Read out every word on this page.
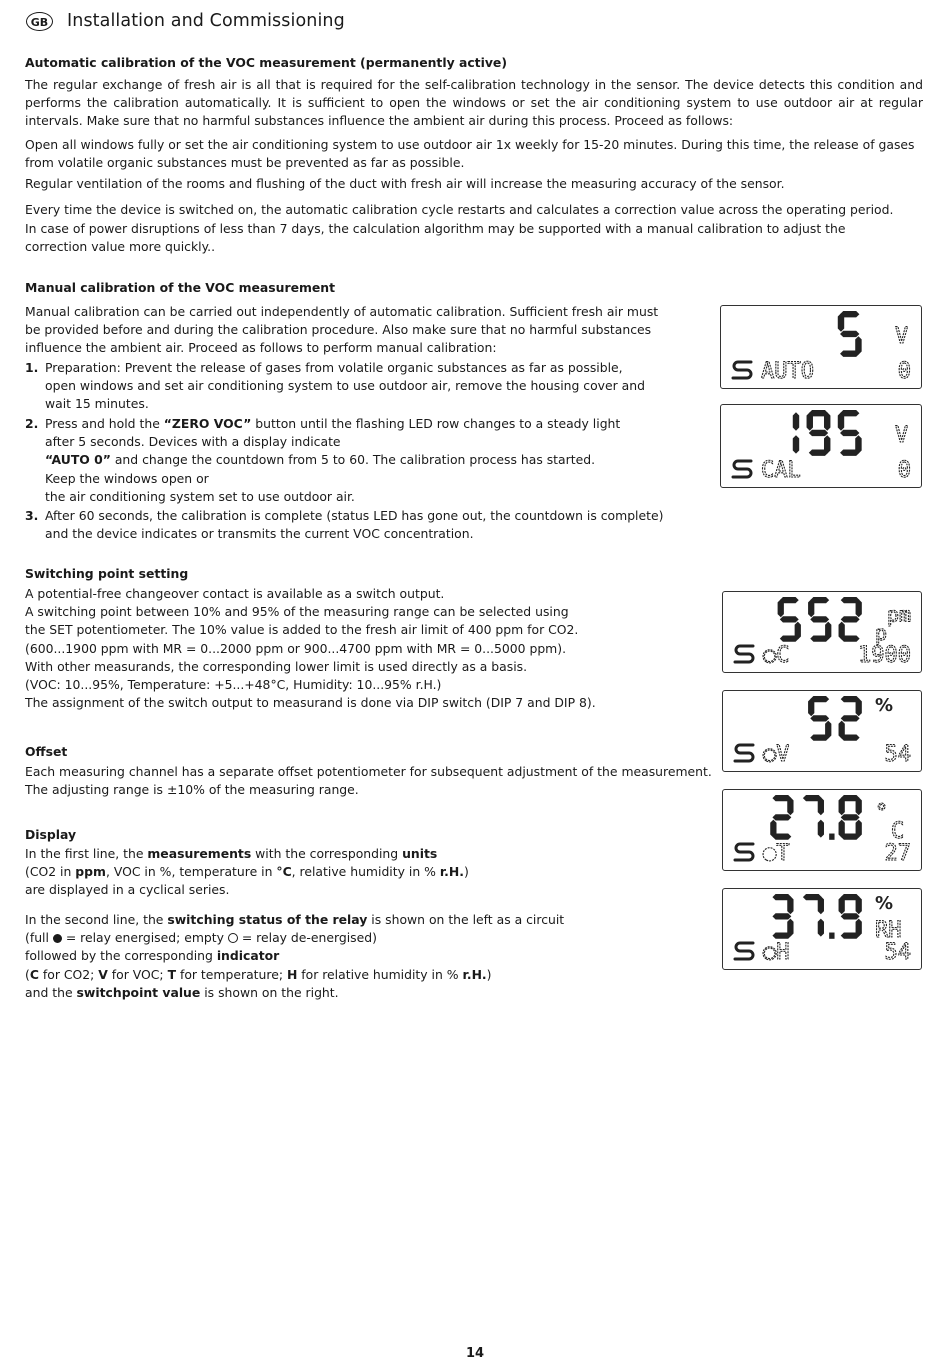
GB Installation and Commissioning
Automatic calibration of the VOC measurement (permanently active)
The regular exchange of fresh air is all that is required for the self-calibration technology in the sensor. The device detects this condition and performs the calibration automatically. It is sufficient to open the windows or set the air conditioning system to use outdoor air at regular intervals. Make sure that no harmful substances influence the ambient air during this process. Proceed as follows:
Open all windows fully or set the air conditioning system to use outdoor air 1x weekly for 15-20 minutes. During this time, the release of gases from volatile organic substances must be prevented as far as possible.
Regular ventilation of the rooms and flushing of the duct with fresh air will increase the measuring accuracy of the sensor.
Every time the device is switched on, the automatic calibration cycle restarts and calculates a correction value across the operating period.
In case of power disruptions of less than 7 days, the calculation algorithm may be supported with a manual calibration to adjust the correction value more quickly..
Manual calibration of the VOC measurement
Manual calibration can be carried out independently of automatic calibration. Sufficient fresh air must be provided before and during the calibration procedure. Also make sure that no harmful substances influence the ambient air. Proceed as follows to perform manual calibration:
1. Preparation: Prevent the release of gases from volatile organic substances as far as possible, open windows and set air conditioning system to use outdoor air, remove the housing cover and wait 15 minutes.
2. Press and hold the “ZERO VOC” button until the flashing LED row changes to a steady light after 5 seconds. Devices with a display indicate
“AUTO 0” and change the countdown from 5 to 60. The calibration process has started.
Keep the windows open or
the air conditioning system set to use outdoor air.
3. After 60 seconds, the calibration is complete (status LED has gone out, the countdown is complete) and the device indicates or transmits the current VOC concentration.
Switching point setting
A potential-free changeover contact is available as a switch output.
A switching point between 10% and 95% of the measuring range can be selected using
the SET potentiometer. The 10% value is added to the fresh air limit of 400 ppm for CO2.
(600...1900 ppm with MR = 0...2000 ppm or 900...4700 ppm with MR = 0...5000 ppm).
With other measurands, the corresponding lower limit is used directly as a basis.
(VOC: 10...95%, Temperature: +5...+48°C, Humidity: 10...95% r.H.)
The assignment of the switch output to measurand is done via DIP switch (DIP 7 and DIP 8).
Offset
Each measuring channel has a separate offset potentiometer for subsequent adjustment of the measurement.
The adjusting range is ±10% of the measuring range.
Display
In the first line, the measurements with the corresponding units
(CO2 in ppm, VOC in %, temperature in °C, relative humidity in % r.H.)
are displayed in a cyclical series.
In the second line, the switching status of the relay is shown on the left as a circuit
(full  = relay energised; empty  = relay de-energised)
followed by the corresponding indicator
(C for CO2; V for VOC; T for temperature; H for relative humidity in % r.H.)
and the switchpoint value is shown on the right.
V
AUTO	0
V
CAL	0
p
pm
○C	1900
%
○V	54
°
C
●T	27
%
RH
○H	54
14
